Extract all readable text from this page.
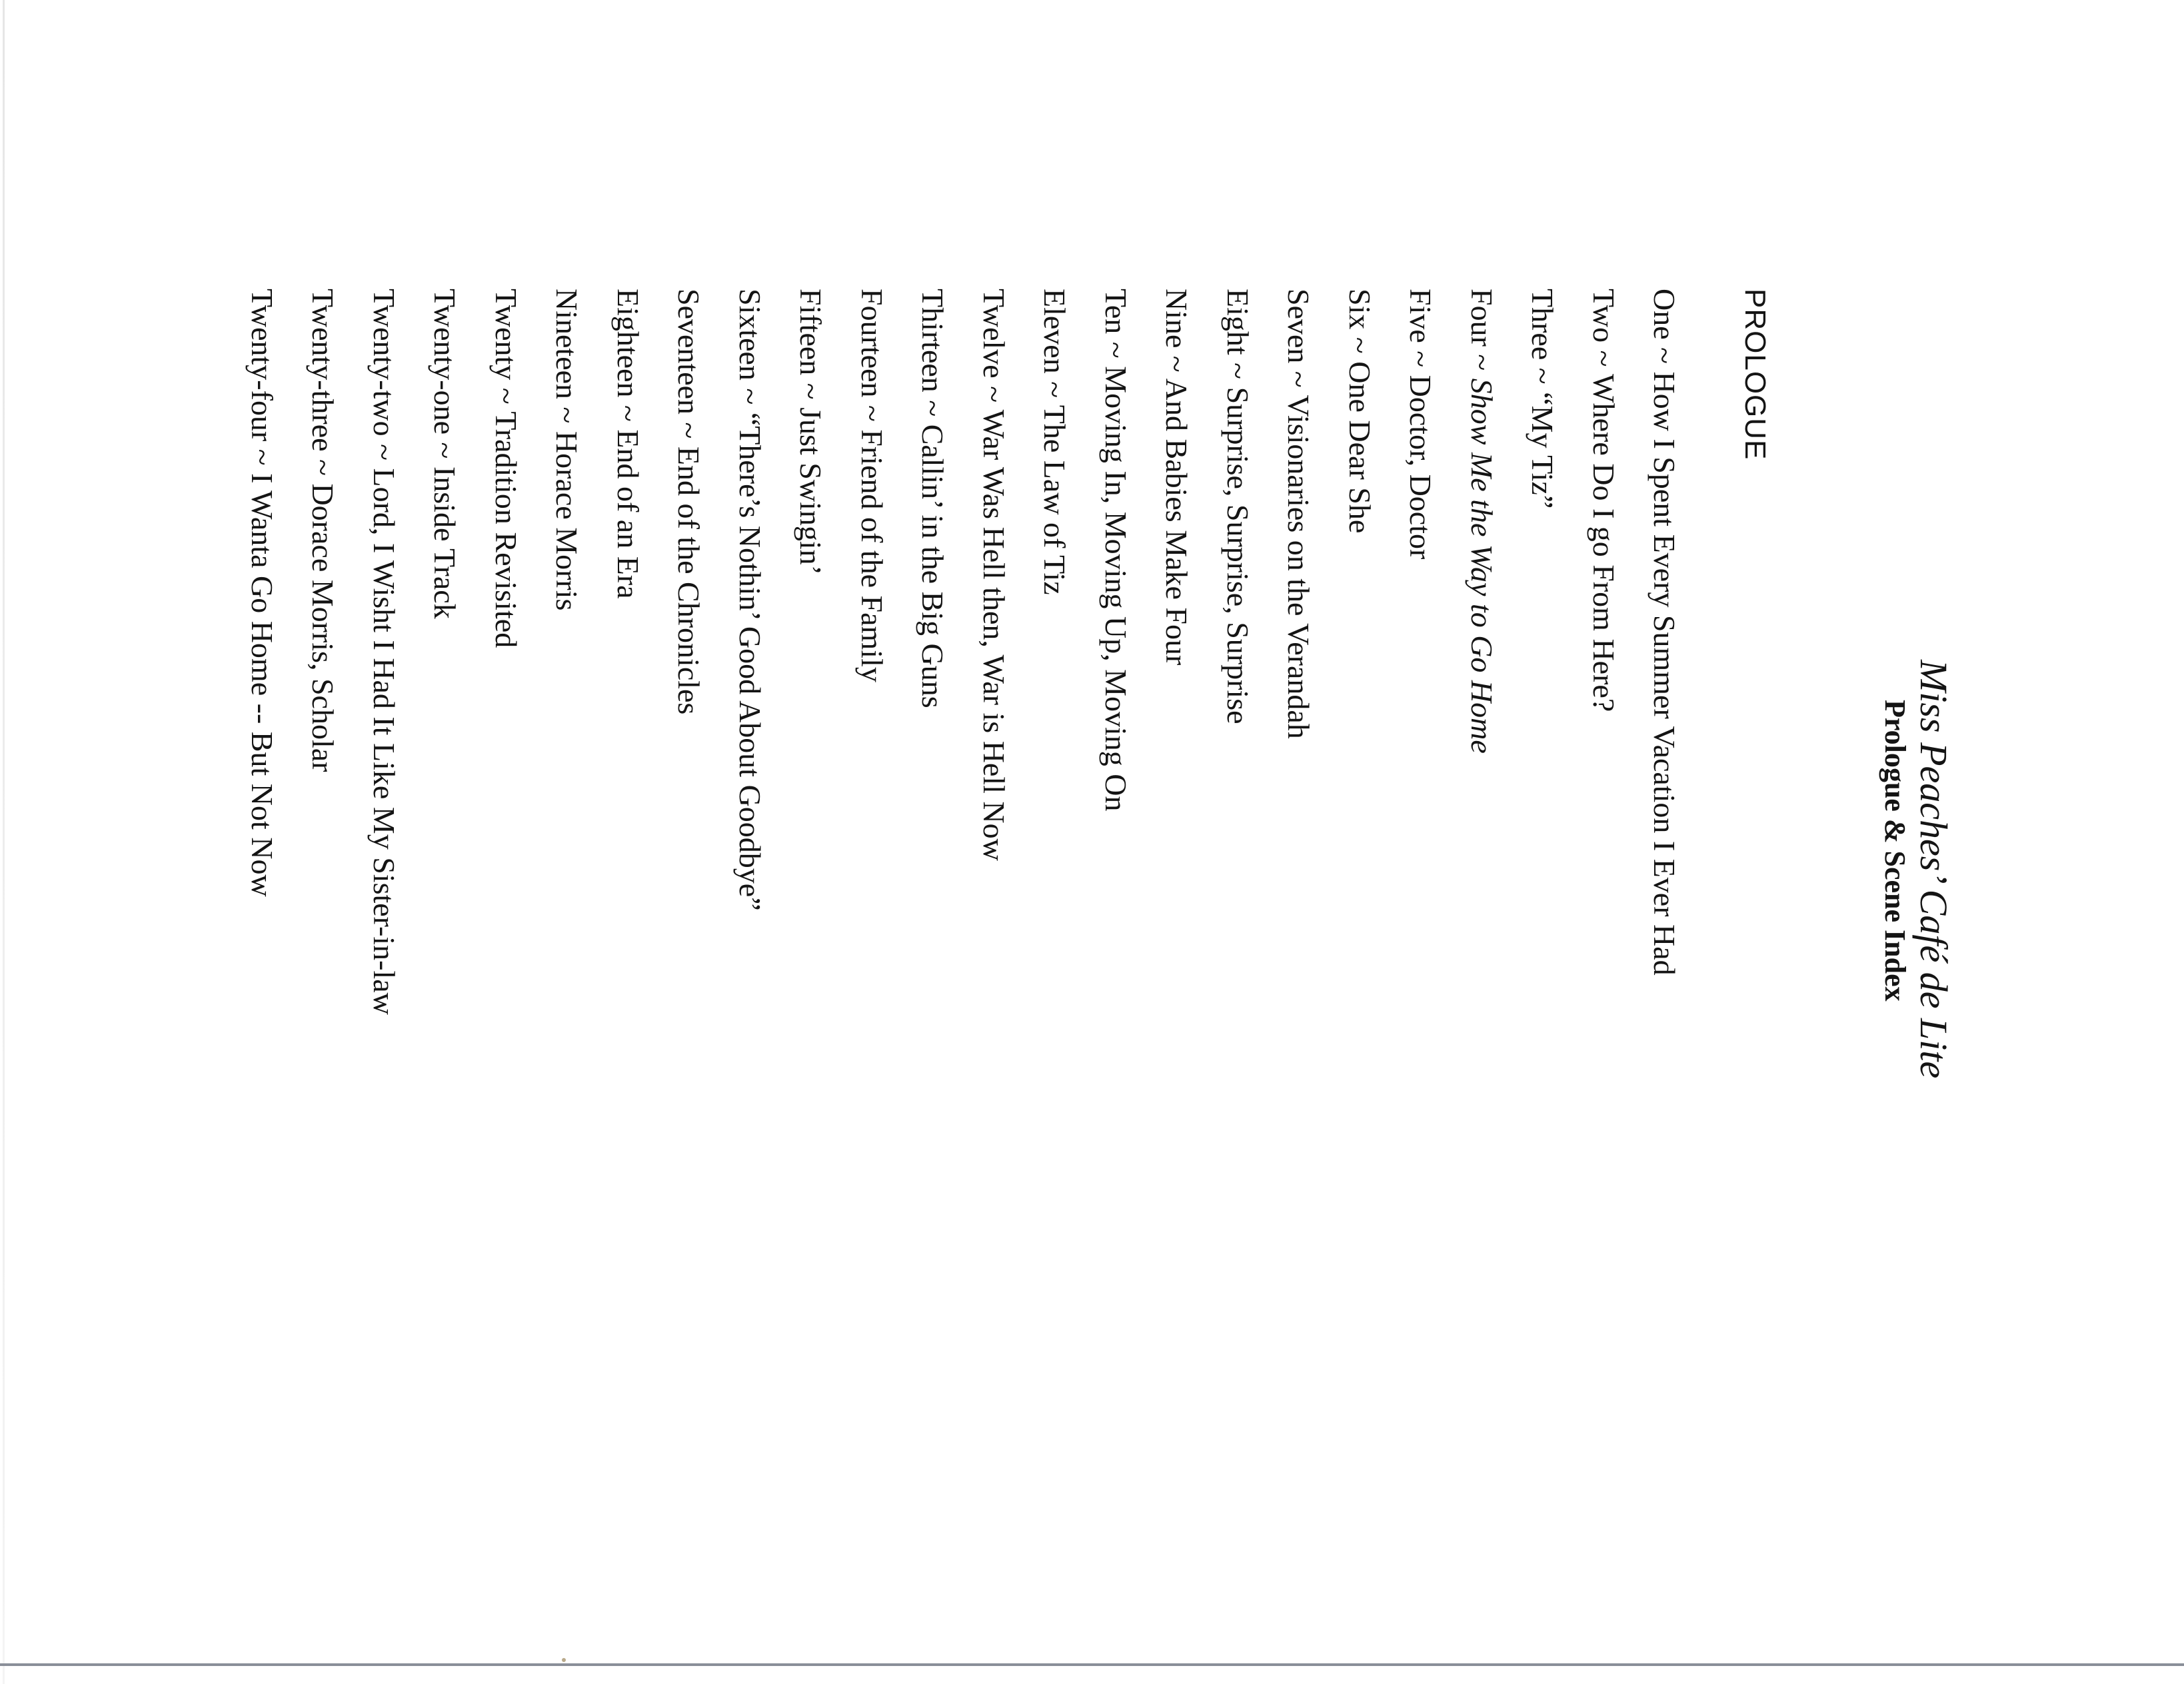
Miss Peaches’ Café de Lite
Prologue & Scene Index
PROLOGUE
One ~ How I Spent Every Summer Vacation I Ever Had
Two ~ Where Do I go From Here?
Three ~ “My Tiz”
Four ~ Show Me the Way to Go Home
Five ~ Doctor, Doctor
Six ~ One Dear She
Seven ~ Visionaries on the Verandah
Eight ~ Surprise, Surprise, Surprise
Nine ~ And Babies Make Four
Ten ~ Moving In, Moving Up, Moving On
Eleven ~ The Law of Tiz
Twelve ~ War Was Hell then, War is Hell Now
Thirteen ~ Callin’ in the Big Guns
Fourteen ~ Friend of the Family
Fifteen ~ Just Swingin’
Sixteen ~ “There’s Nothin’ Good About Goodbye”
Seventeen ~ End of the Chronicles
Eighteen ~ End of an Era
Nineteen ~ Horace Morris
Twenty ~ Tradition Revisited
Twenty-one ~ Inside Track
Twenty-two ~ Lord, I Wisht I Had It Like My Sister-in-law
Twenty-three ~ Dorace Morris, Scholar
Twenty-four ~ I Wanta Go Home -- But Not Now
